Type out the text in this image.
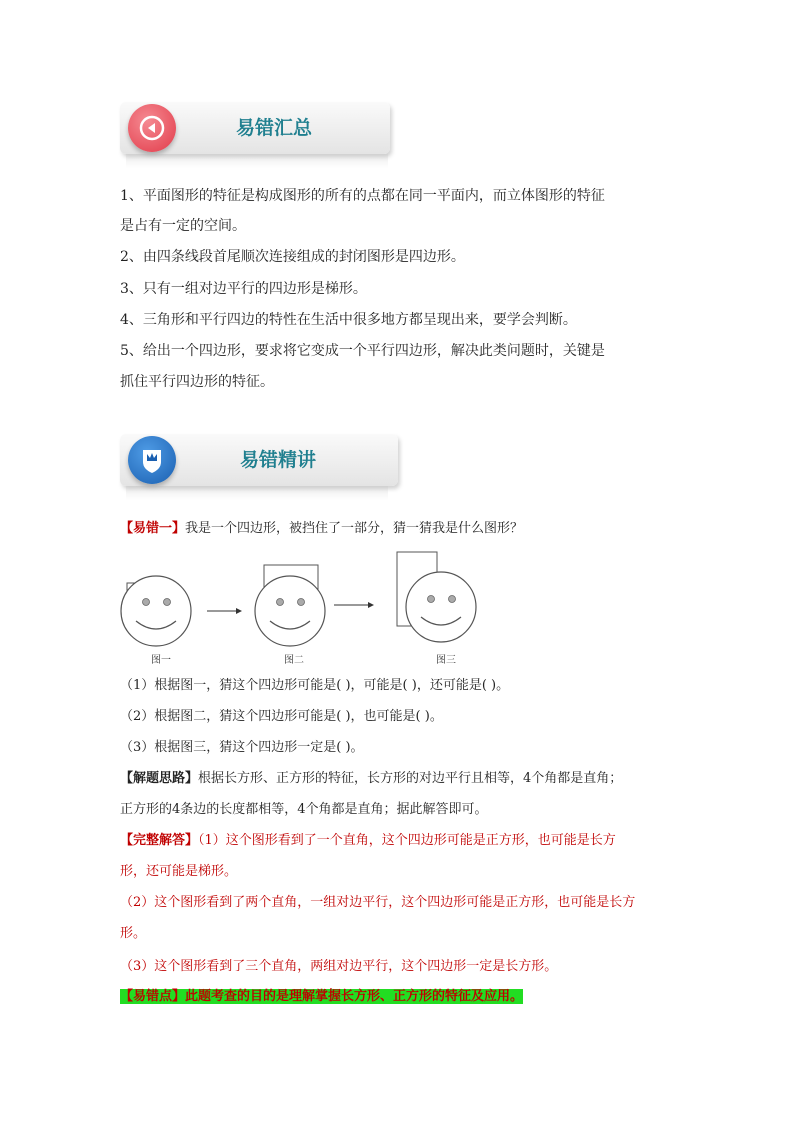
易错汇总
1、平面图形的特征是构成图形的所有的点都在同一平面内，而立体图形的特征
是占有一定的空间。
2、由四条线段首尾顺次连接组成的封闭图形是四边形。
3、只有一组对边平行的四边形是梯形。
4、三角形和平行四边的特性在生活中很多地方都呈现出来，要学会判断。
5、给出一个四边形，要求将它变成一个平行四边形，解决此类问题时，关键是
抓住平行四边形的特征。
易错精讲
【易错一】我是一个四边形，被挡住了一部分，猜一猜我是什么图形？
图一	图二	图三
（1）根据图一，猜这个四边形可能是( )，可能是( )，还可能是( )。
（2）根据图二，猜这个四边形可能是( )，也可能是( )。
（3）根据图三，猜这个四边形一定是( )。
【解题思路】根据长方形、正方形的特征，长方形的对边平行且相等，4个角都是直角；
正方形的4条边的长度都相等，4个角都是直角；据此解答即可。
【完整解答】（1）这个图形看到了一个直角，这个四边形可能是正方形，也可能是长方
形，还可能是梯形。
（2）这个图形看到了两个直角，一组对边平行，这个四边形可能是正方形，也可能是长方
形。
（3）这个图形看到了三个直角，两组对边平行，这个四边形一定是长方形。
【易错点】此题考查的目的是理解掌握长方形、正方形的特征及应用。
